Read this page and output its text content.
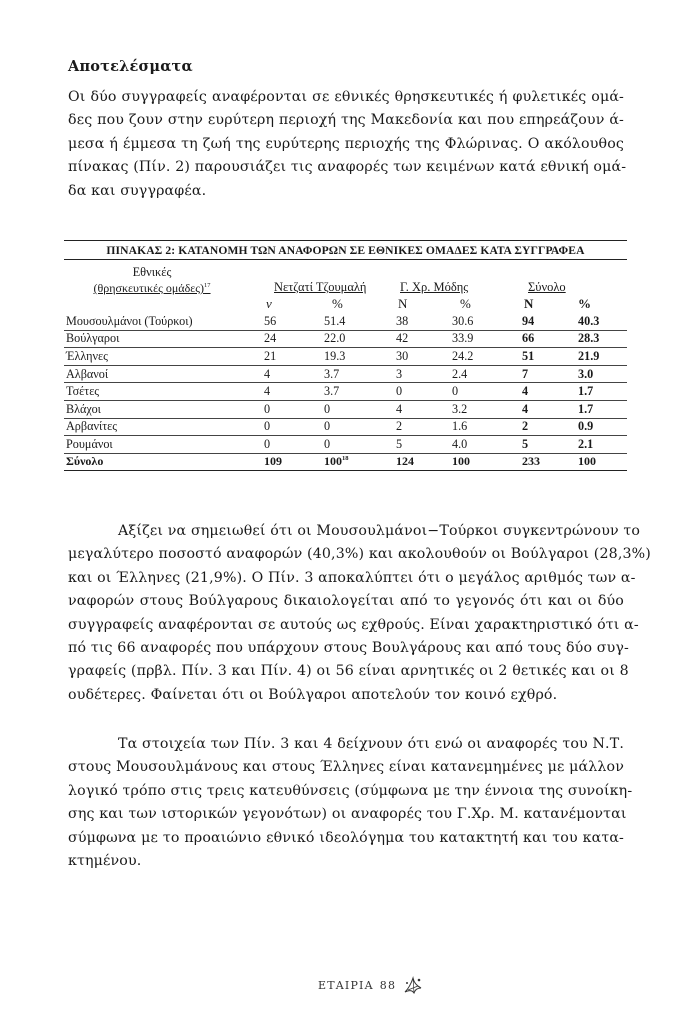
Αποτελέσματα

Οι δύο συγγραφείς αναφέρονται σε εθνικές θρησκευτικές ή φυλετικές ομά-
δες που ζουν στην ευρύτερη περιοχή της Μακεδονία και που επηρεάζουν ά-
μεσα ή έμμεσα τη ζωή της ευρύτερης περιοχής της Φλώρινας. Ο ακόλουθος
πίνακας (Πίν. 2) παρουσιάζει τις αναφορές των κειμένων κατά εθνική ομά-
δα και συγγραφέα.

ΠΙΝΑΚΑΣ 2: ΚΑΤΑΝΟΜΗ ΤΩΝ ΑΝΑΦΟΡΩΝ ΣΕ ΕΘΝΙΚΕΣ ΟΜΑΔΕΣ ΚΑΤΑ ΣΥΓΓΡΑΦΕΑ
Εθνικές
(θρησκευτικές ομάδες)$^{17}$	Νετζατί Τζουμαλή		Γ. Χρ. Μόδης		Σύνολο	
	ν	%	N	%	N	%
Μουσουλμάνοι (Τούρκοι)	56	51.4	38	30.6	94	40.3
Βούλγαροι	24	22.0	42	33.9	66	28.3
Έλληνες	21	19.3	30	24.2	51	21.9
Αλβανοί	4	3.7	3	2.4	7	3.0
Τσέτες	4	3.7	0	0	4	1.7
Βλάχοι	0	0	4	3.2	4	1.7
Αρβανίτες	0	0	2	1.6	2	0.9
Ρουμάνοι	0	0	5	4.0	5	2.1
Σύνολο	109	$100^{18}$	124	100	233	100

Αξίζει να σημειωθεί ότι οι Μουσουλμάνοι−Τούρκοι συγκεντρώνουν το
μεγαλύτερο ποσοστό αναφορών (40,3%) και ακολουθούν οι Βούλγαροι (28,3%)
και οι Έλληνες (21,9%). Ο Πίν. 3 αποκαλύπτει ότι ο μεγάλος αριθμός των α-
ναφορών στους Βούλγαρους δικαιολογείται από το γεγονός ότι και οι δύο
συγγραφείς αναφέρονται σε αυτούς ως εχθρούς. Είναι χαρακτηριστικό ότι α-
πό τις 66 αναφορές που υπάρχουν στους Βουλγάρους και από τους δύο συγ-
γραφείς (πρβλ. Πίν. 3 και Πίν. 4) οι 56 είναι αρνητικές οι 2 θετικές και οι 8
ουδέτερες. Φαίνεται ότι οι Βούλγαροι αποτελούν τον κοινό εχθρό.

Τα στοιχεία των Πίν. 3 και 4 δείχνουν ότι ενώ οι αναφορές του Ν.Τ.
στους Μουσουλμάνους και στους Έλληνες είναι κατανεμημένες με μάλλον
λογικό τρόπο στις τρεις κατευθύνσεις (σύμφωνα με την έννοια της συνοίκη-
σης και των ιστορικών γεγονότων) οι αναφορές του Γ.Χρ. Μ. κατανέμονται
σύμφωνα με το προαιώνιο εθνικό ιδεολόγημα του κατακτητή και του κατα-
κτημένου.

ΕΤΑΙΡΙΑ 88
